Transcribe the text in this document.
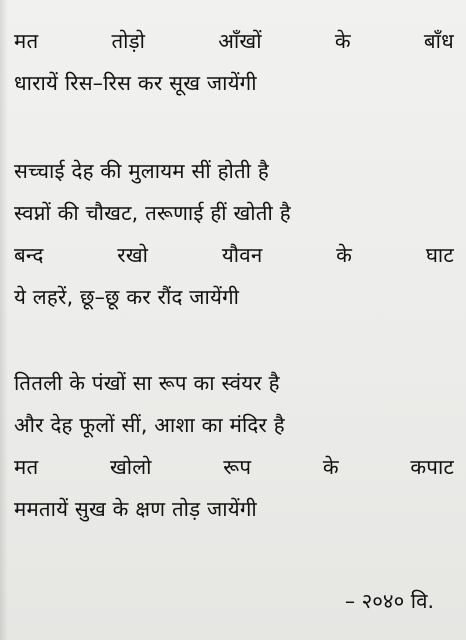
मत	तोड़ो	आँखों	के	बाँध
धारायें रिस–रिस कर सूख जायेंगी
सच्चाई देह की मुलायम सीं होती है
स्वप्नों की चौखट, तरूणाई हीं खोती है
बन्द	रखो	यौवन	के	घाट
ये लहरें, छू–छू कर रौंद जायेंगी
तितली के पंखों सा रूप का स्वंयर है
और देह फूलों सीं, आशा का मंदिर है
मत	खोलो	रूप	के	कपाट
ममतायें सुख के क्षण तोड़ जायेंगी
– २०४० वि.
